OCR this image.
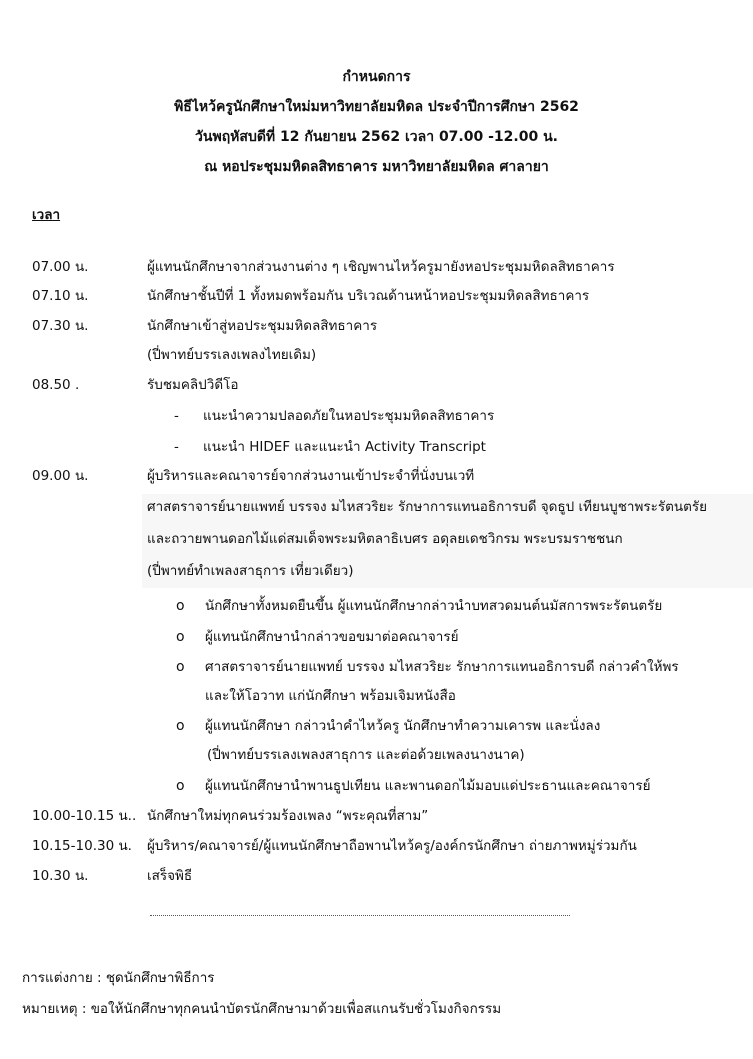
กำหนดการ
พิธีไหว้ครูนักศึกษาใหม่มหาวิทยาลัยมหิดล ประจำปีการศึกษา 2562
วันพฤหัสบดีที่ 12 กันยายน 2562 เวลา 07.00 -12.00 น.
ณ หอประชุมมหิดลสิทธาคาร มหาวิทยาลัยมหิดล ศาลายา
เวลา
07.00 น.	ผู้แทนนักศึกษาจากส่วนงานต่าง ๆ เชิญพานไหว้ครูมายังหอประชุมมหิดลสิทธาคาร
07.10 น.	นักศึกษาชั้นปีที่ 1 ทั้งหมดพร้อมกัน บริเวณด้านหน้าหอประชุมมหิดลสิทธาคาร
07.30 น.	นักศึกษาเข้าสู่หอประชุมมหิดลสิทธาคาร
(ปี่พาทย์บรรเลงเพลงไทยเดิม)
08.50 .	รับชมคลิปวิดีโอ
- แนะนำความปลอดภัยในหอประชุมมหิดลสิทธาคาร
- แนะนำ HIDEF และแนะนำ Activity Transcript
09.00 น.	ผู้บริหารและคณาจารย์จากส่วนงานเข้าประจำที่นั่งบนเวที
ศาสตราจารย์นายแพทย์ บรรจง มไหสวริยะ รักษาการแทนอธิการบดี จุดธูป เทียนบูชาพระรัตนตรัย
และถวายพานดอกไม้แด่สมเด็จพระมหิตลาธิเบศร อดุลยเดชวิกรม พระบรมราชชนก
(ปี่พาทย์ทำเพลงสาธุการ เที่ยวเดียว)
o นักศึกษาทั้งหมดยืนขึ้น ผู้แทนนักศึกษากล่าวนำบทสวดมนต์นมัสการพระรัตนตรัย
o ผู้แทนนักศึกษานำกล่าวขอขมาต่อคณาจารย์
o ศาสตราจารย์นายแพทย์ บรรจง มไหสวริยะ รักษาการแทนอธิการบดี กล่าวคำให้พร
และให้โอวาท แก่นักศึกษา พร้อมเจิมหนังสือ
o ผู้แทนนักศึกษา กล่าวนำคำไหว้ครู นักศึกษาทำความเคารพ และนั่งลง
(ปี่พาทย์บรรเลงเพลงสาธุการ และต่อด้วยเพลงนางนาค)
o ผู้แทนนักศึกษานำพานธูปเทียน และพานดอกไม้มอบแด่ประธานและคณาจารย์
10.00-10.15 น.. นักศึกษาใหม่ทุกคนร่วมร้องเพลง “พระคุณที่สาม”
10.15-10.30 น. ผู้บริหาร/คณาจารย์/ผู้แทนนักศึกษาถือพานไหว้ครู/องค์กรนักศึกษา ถ่ายภาพหมู่ร่วมกัน
10.30 น.	เสร็จพิธี
การแต่งกาย : ชุดนักศึกษาพิธีการ
หมายเหตุ : ขอให้นักศึกษาทุกคนนำบัตรนักศึกษามาด้วยเพื่อสแกนรับชั่วโมงกิจกรรม
